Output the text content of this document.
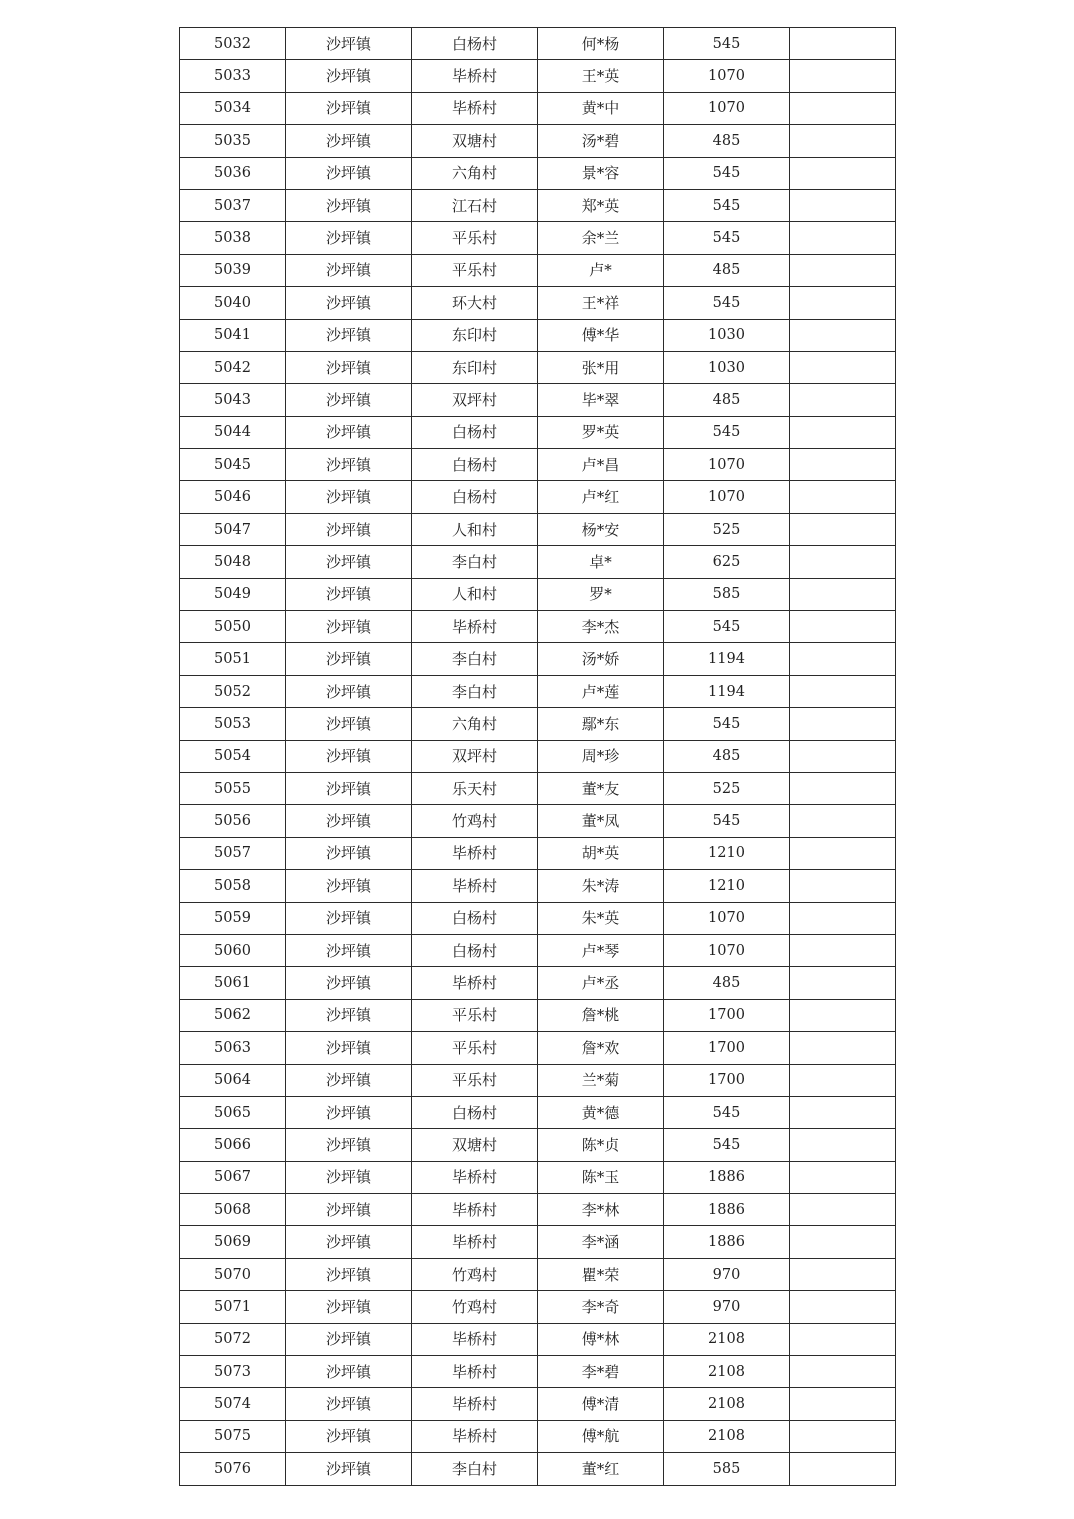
5032	沙坪镇	白杨村	何*杨	545	
5033	沙坪镇	毕桥村	王*英	1070	
5034	沙坪镇	毕桥村	黄*中	1070	
5035	沙坪镇	双塘村	汤*碧	485	
5036	沙坪镇	六角村	景*容	545	
5037	沙坪镇	江石村	郑*英	545	
5038	沙坪镇	平乐村	余*兰	545	
5039	沙坪镇	平乐村	卢*	485	
5040	沙坪镇	环大村	王*祥	545	
5041	沙坪镇	东印村	傅*华	1030	
5042	沙坪镇	东印村	张*用	1030	
5043	沙坪镇	双坪村	毕*翠	485	
5044	沙坪镇	白杨村	罗*英	545	
5045	沙坪镇	白杨村	卢*昌	1070	
5046	沙坪镇	白杨村	卢*红	1070	
5047	沙坪镇	人和村	杨*安	525	
5048	沙坪镇	李白村	卓*	625	
5049	沙坪镇	人和村	罗*	585	
5050	沙坪镇	毕桥村	李*杰	545	
5051	沙坪镇	李白村	汤*娇	1194	
5052	沙坪镇	李白村	卢*莲	1194	
5053	沙坪镇	六角村	鄢*东	545	
5054	沙坪镇	双坪村	周*珍	485	
5055	沙坪镇	乐天村	董*友	525	
5056	沙坪镇	竹鸡村	董*凤	545	
5057	沙坪镇	毕桥村	胡*英	1210	
5058	沙坪镇	毕桥村	朱*涛	1210	
5059	沙坪镇	白杨村	朱*英	1070	
5060	沙坪镇	白杨村	卢*琴	1070	
5061	沙坪镇	毕桥村	卢*丞	485	
5062	沙坪镇	平乐村	詹*桃	1700	
5063	沙坪镇	平乐村	詹*欢	1700	
5064	沙坪镇	平乐村	兰*菊	1700	
5065	沙坪镇	白杨村	黄*德	545	
5066	沙坪镇	双塘村	陈*贞	545	
5067	沙坪镇	毕桥村	陈*玉	1886	
5068	沙坪镇	毕桥村	李*林	1886	
5069	沙坪镇	毕桥村	李*涵	1886	
5070	沙坪镇	竹鸡村	瞿*荣	970	
5071	沙坪镇	竹鸡村	李*奇	970	
5072	沙坪镇	毕桥村	傅*林	2108	
5073	沙坪镇	毕桥村	李*碧	2108	
5074	沙坪镇	毕桥村	傅*清	2108	
5075	沙坪镇	毕桥村	傅*航	2108	
5076	沙坪镇	李白村	董*红	585	
